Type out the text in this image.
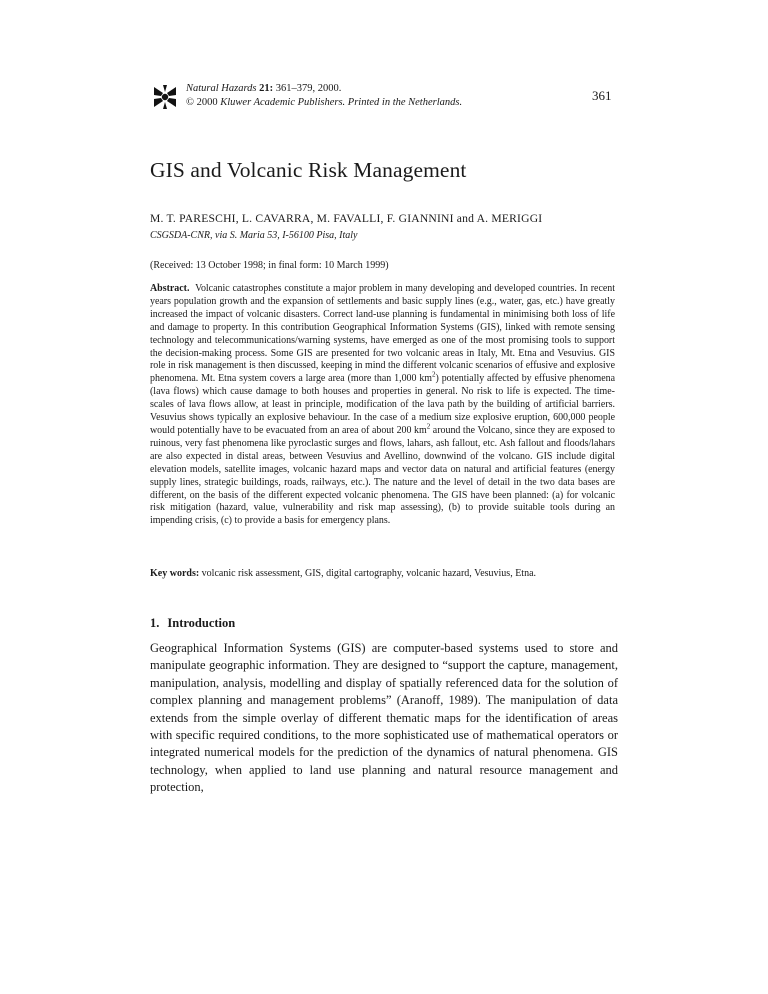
Natural Hazards 21: 361–379, 2000.
© 2000 Kluwer Academic Publishers. Printed in the Netherlands.	361
GIS and Volcanic Risk Management
M. T. PARESCHI, L. CAVARRA, M. FAVALLI, F. GIANNINI and A. MERIGGI
CSGSDA-CNR, via S. Maria 53, I-56100 Pisa, Italy
(Received: 13 October 1998; in final form: 10 March 1999)

Abstract. Volcanic catastrophes constitute a major problem in many developing and developed countries. In recent years population growth and the expansion of settlements and basic supply lines (e.g., water, gas, etc.) have greatly increased the impact of volcanic disasters. Correct land-use planning is fundamental in minimising both loss of life and damage to property. In this contribution Geographical Information Systems (GIS), linked with remote sensing technology and telecommunications/warning systems, have emerged as one of the most promising tools to support the decision-making process. Some GIS are presented for two volcanic areas in Italy, Mt. Etna and Vesuvius. GIS role in risk management is then discussed, keeping in mind the different volcanic scenarios of effusive and explosive phenomena. Mt. Etna system covers a large area (more than 1,000 $km^2$) potentially affected by effusive phenomena (lava flows) which cause damage to both houses and properties in general. No risk to life is expected. The time-scales of lava flows allow, at least in principle, modification of the lava path by the building of artificial barriers. Vesuvius shows typically an explosive behaviour. In the case of a medium size explosive eruption, 600,000 people would potentially have to be evacuated from an area of about 200 $km^2$ around the Volcano, since they are exposed to ruinous, very fast phenomena like pyroclastic surges and flows, lahars, ash fallout, etc. Ash fallout and floods/lahars are also expected in distal areas, between Vesuvius and Avellino, downwind of the volcano. GIS include digital elevation models, satellite images, volcanic hazard maps and vector data on natural and artificial features (energy supply lines, strategic buildings, roads, railways, etc.). The nature and the level of detail in the two data bases are different, on the basis of the different expected volcanic phenomena. The GIS have been planned: (a) for volcanic risk mitigation (hazard, value, vulnerability and risk map assessing), (b) to provide suitable tools during an impending crisis, (c) to provide a basis for emergency plans.

Key words: volcanic risk assessment, GIS, digital cartography, volcanic hazard, Vesuvius, Etna.
1. Introduction

Geographical Information Systems (GIS) are computer-based systems used to store and manipulate geographic information. They are designed to “support the capture, management, manipulation, analysis, modelling and display of spatially referenced data for the solution of complex planning and management problems” (Aranoff, 1989). The manipulation of data extends from the simple overlay of different thematic maps for the identification of areas with specific required conditions, to the more sophisticated use of mathematical operators or integrated numerical models for the prediction of the dynamics of natural phenomena. GIS technology, when applied to land use planning and natural resource management and protection,
